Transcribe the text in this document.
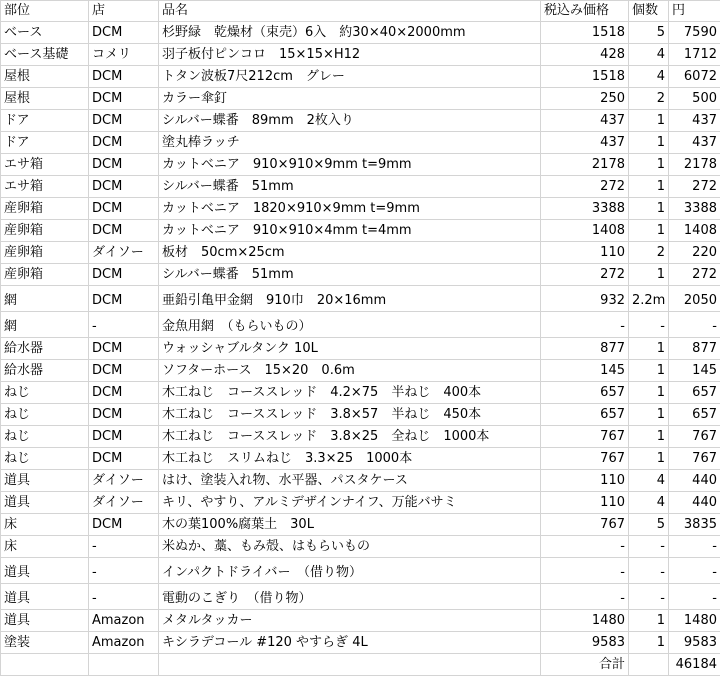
部位	店	品名	税込み価格	個数	円
ベース	DCM	杉野緑　乾燥材（束売）6入　約30×40×2000mm	1518	5	7590
ベース基礎	コメリ	羽子板付ピンコロ　15×15×H12	428	4	1712
屋根	DCM	トタン波板7尺212cm　グレー	1518	4	6072
屋根	DCM	カラー傘釘	250	2	500
ドア	DCM	シルバー蝶番　89mm　2枚入り	437	1	437
ドア	DCM	塗丸棒ラッチ	437	1	437
エサ箱	DCM	カットベニア　910×910×9mm t=9mm	2178	1	2178
エサ箱	DCM	シルバー蝶番　51mm	272	1	272
産卵箱	DCM	カットベニア　1820×910×9mm t=9mm	3388	1	3388
産卵箱	DCM	カットベニア　910×910×4mm t=4mm	1408	1	1408
産卵箱	ダイソー	板材　50cm×25cm	110	2	220
産卵箱	DCM	シルバー蝶番　51mm	272	1	272
網	DCM	亜鉛引亀甲金網　910巾　20×16mm	932	2.2m	2050
網	-	金魚用網　（もらいもの）	-	-	-
給水器	DCM	ウォッシャブルタンク 10L	877	1	877
給水器	DCM	ソフターホース　15×20　0.6m	145	1	145
ねじ	DCM	木工ねじ　コーススレッド　4.2×75　半ねじ　400本	657	1	657
ねじ	DCM	木工ねじ　コーススレッド　3.8×57　半ねじ　450本	657	1	657
ねじ	DCM	木工ねじ　コーススレッド　3.8×25　全ねじ　1000本	767	1	767
ねじ	DCM	木工ねじ　スリムねじ　3.3×25　1000本	767	1	767
道具	ダイソー	はけ、塗装入れ物、水平器、パスタケース	110	4	440
道具	ダイソー	キリ、やすり、アルミデザインナイフ、万能バサミ	110	4	440
床	DCM	木の葉100%腐葉土　30L	767	5	3835
床	-	米ぬか、藁、もみ殻、はもらいもの	-	-	-
道具	-	インパクトドライバー　（借り物）	-	-	-
道具	-	電動のこぎり　（借り物）	-	-	-
道具	Amazon	メタルタッカー	1480	1	1480
塗装	Amazon	キシラデコール #120 やすらぎ 4L	9583	1	9583
			合計		46184
